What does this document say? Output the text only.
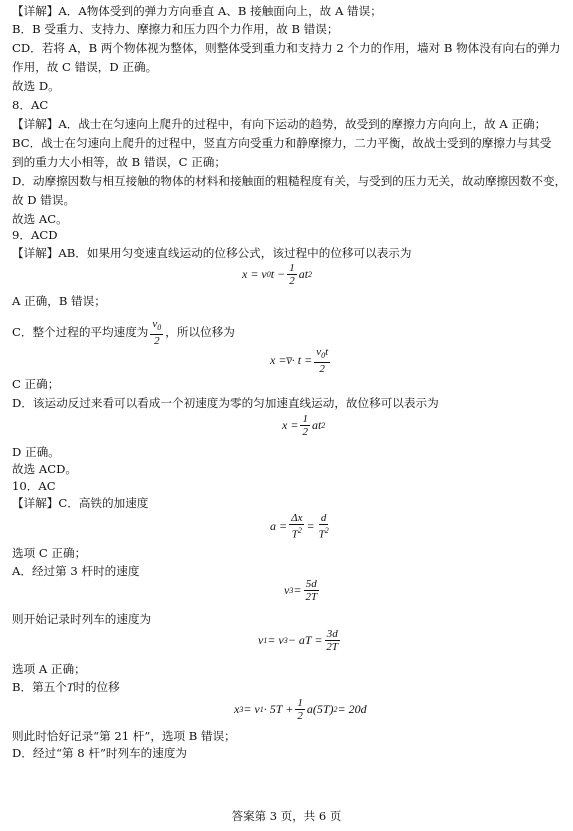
【详解】A．A物体受到的弹力方向垂直 A、B 接触面向上，故 A 错误；
B．B 受重力、支持力、摩擦力和压力四个力作用，故 B 错误；
CD．若将 A，B 两个物体视为整体，则整体受到重力和支持力 2 个力的作用，墙对 B 物体没有向右的弹力
作用，故 C 错误，D 正确。
故选 D。
8．AC
【详解】A．战士在匀速向上爬升的过程中，有向下运动的趋势，故受到的摩擦力方向向上，故 A 正确；
BC．战士在匀速向上爬升的过程中，竖直方向受重力和静摩擦力，二力平衡，故战士受到的摩擦力与其受
到的重力大小相等，故 B 错误，C 正确；
D．动摩擦因数与相互接触的物体的材料和接触面的粗糙程度有关，与受到的压力无关，故动摩擦因数不变，
故 D 错误。
故选 AC。
9．ACD
【详解】AB．如果用匀变速直线运动的位移公式，该过程中的位移可以表示为
x = v 0 $t - \frac{1}{2}$ at 2
A 正确，B 错误；
C．整个过程的平均速度为 $\frac{v_0}{2}$ ，所以位移为
x = v̅ · $t = \frac{v_0t}{2}$
C 正确；
D．该运动反过来看可以看成一个初速度为零的匀加速直线运动，故位移可以表示为
$x = \frac{1}{2}$ at 2
D 正确。
故选 ACD。
10．AC
【详解】C．高铁的加速度
$a = \frac{\Delta x}{T^2} = \frac{d}{T^2}$
选项 C 正确；
A．经过第 3 杆时的速度
v $3 = \frac{5d}{2T}$
则开始记录时列车的速度为
v 1 = v 3 − aT = $\frac{3d}{2T}$
选项 A 正确；
B．第五个T时的位移
x 3 = v $1 \cdot 5T + \frac{1}{2} a(5T) 2 = 20d$
则此时恰好记录“第 21 杆”，选项 B 错误；
D．经过“第 8 杆”时列车的速度为
答案第 3 页，共 6 页
